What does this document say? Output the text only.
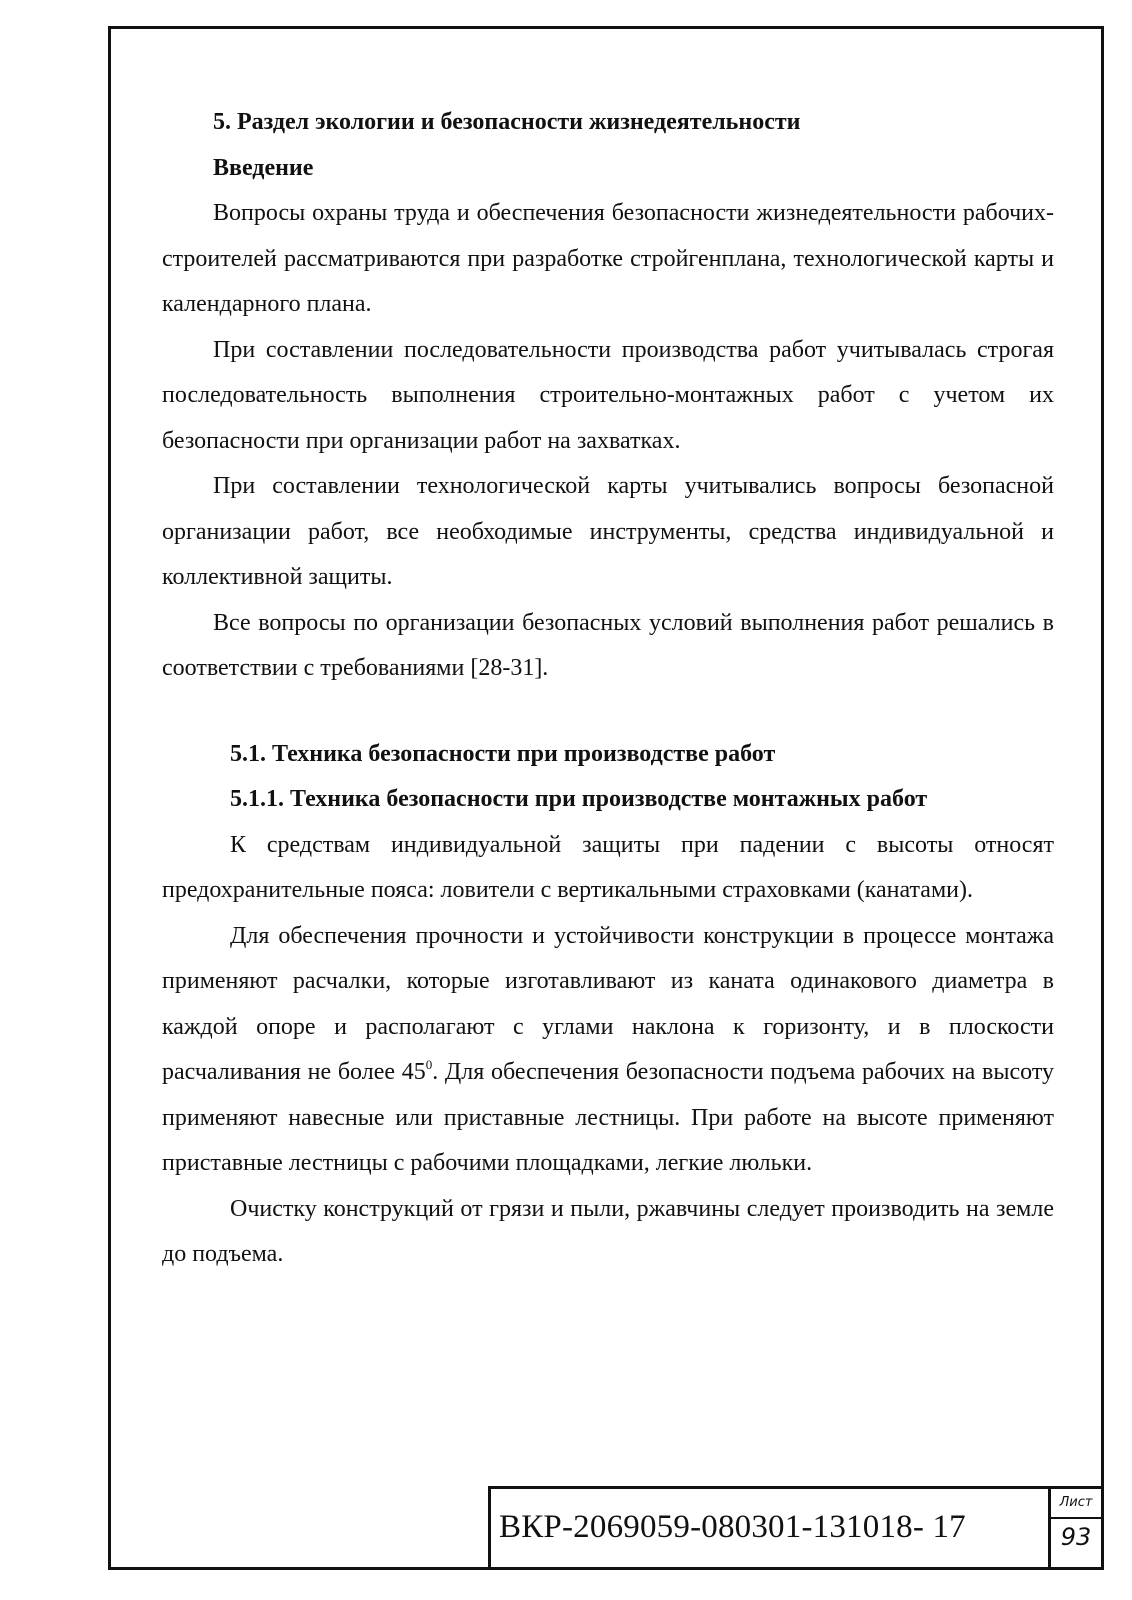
5. Раздел экологии и безопасности жизнедеятельности

Введение

Вопросы охраны труда и обеспечения безопасности жизнедеятельности рабочих-строителей рассматриваются при разработке стройгенплана, технологической карты и календарного плана.

При составлении последовательности производства работ учитывалась строгая последовательность выполнения строительно-монтажных работ с учетом их безопасности при организации работ на захватках.

При составлении технологической карты учитывались вопросы безопасной организации работ, все необходимые инструменты, средства индивидуальной и коллективной защиты.

Все вопросы по организации безопасных условий выполнения работ решались в соответствии с требованиями [28-31].

5.1. Техника безопасности при производстве работ

5.1.1. Техника безопасности при производстве монтажных работ

К средствам индивидуальной защиты при падении с высоты относят предохранительные пояса: ловители с вертикальными страховками (канатами).

Для обеспечения прочности и устойчивости конструкции в процессе монтажа применяют расчалки, которые изготавливают из каната одинакового диаметра в каждой опоре и располагают с углами наклона к горизонту, и в плоскости расчаливания не более $45^0$. Для обеспечения безопасности подъема рабочих на высоту применяют навесные или приставные лестницы. При работе на высоте применяют приставные лестницы с рабочими площадками, легкие люльки.

Очистку конструкций от грязи и пыли, ржавчины следует производить на земле до подъема.

ВКР-2069059-080301-131018- 17
Лист
93
